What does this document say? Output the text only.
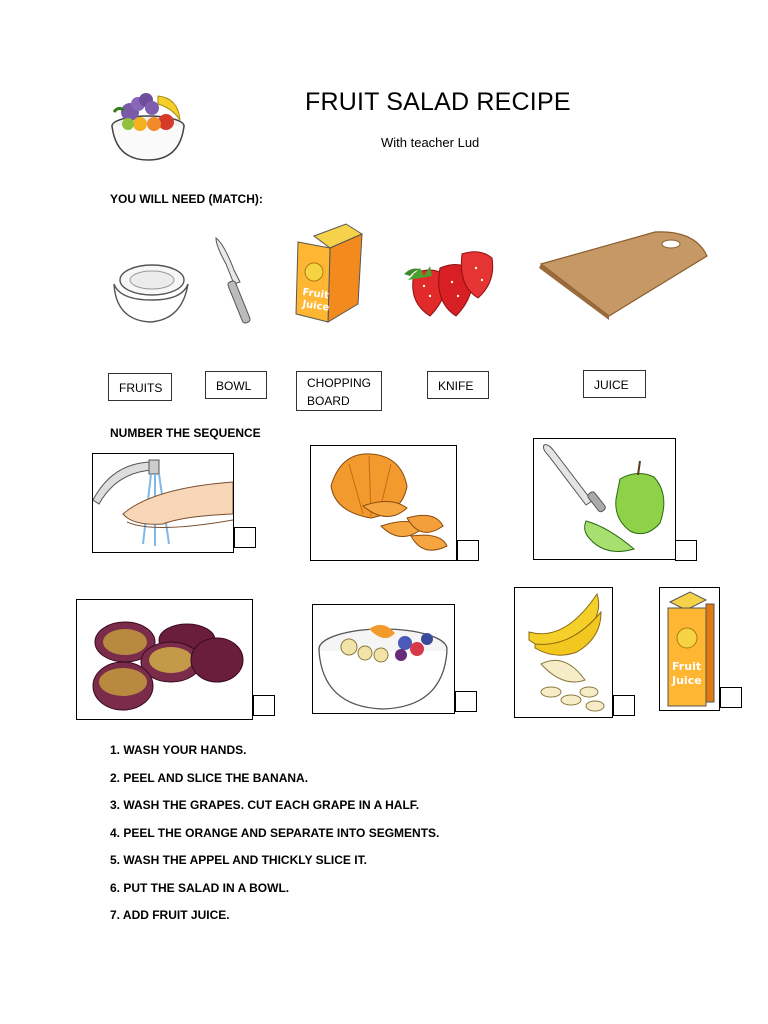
FRUIT SALAD RECIPE
With teacher Lud
YOU WILL NEED (MATCH):
Fruit
Juice
FRUITS	BOWL	CHOPPING BOARD
KNIFE	JUICE
NUMBER THE SEQUENCE
Fruit
Juice
1. WASH YOUR HANDS.
2. PEEL AND SLICE THE BANANA.
3. WASH THE GRAPES. CUT EACH GRAPE IN A HALF.
4. PEEL THE ORANGE AND SEPARATE INTO SEGMENTS.
5. WASH THE APPEL AND THICKLY SLICE IT.
6. PUT THE SALAD IN A BOWL.
7. ADD FRUIT JUICE.
